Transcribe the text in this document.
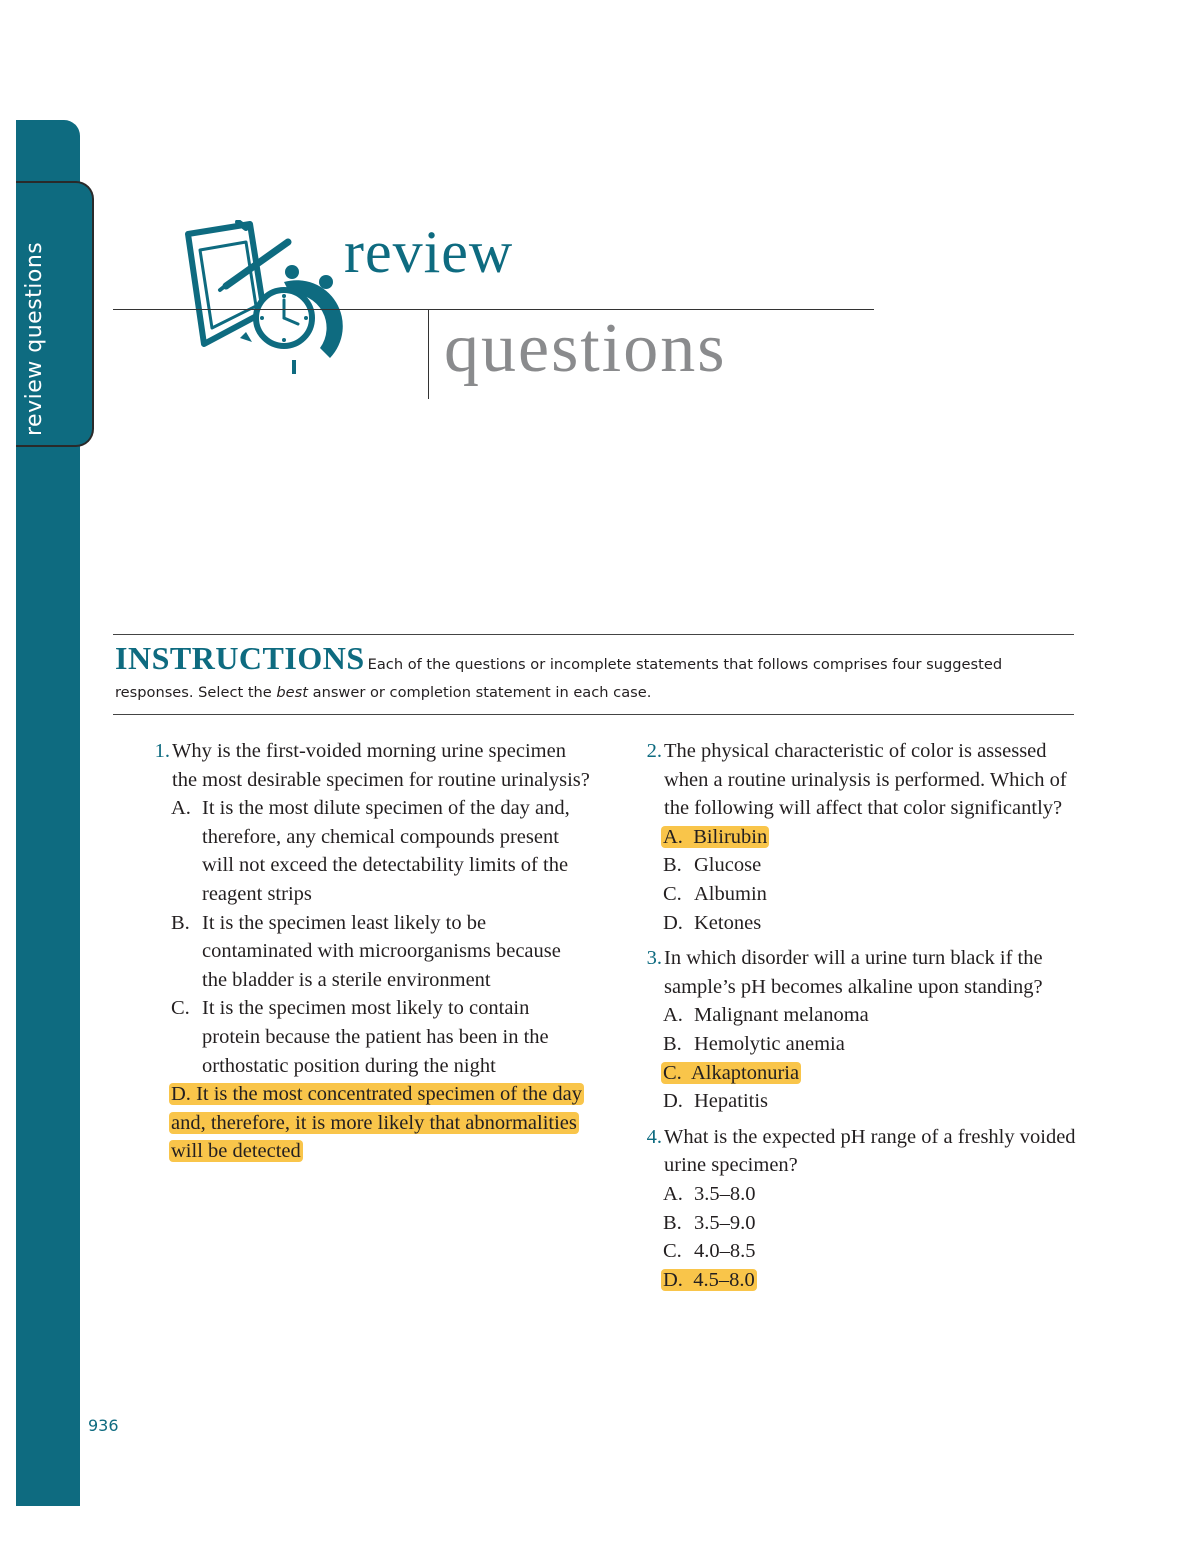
review questions
936
review
questions
INSTRUCTIONS Each of the questions or incomplete statements that follows comprises four suggested responses. Select the best answer or completion statement in each case.
1. Why is the first-voided morning urine specimen the most desirable specimen for routine urinalysis?
A. It is the most dilute specimen of the day and, therefore, any chemical compounds present will not exceed the detectability limits of the reagent strips
B. It is the specimen least likely to be contaminated with microorganisms because the bladder is a sterile environment
C. It is the specimen most likely to contain protein because the patient has been in the orthostatic position during the night
D. It is the most concentrated specimen of the day and, therefore, it is more likely that abnormalities will be detected
2. The physical characteristic of color is assessed when a routine urinalysis is performed. Which of the following will affect that color significantly?
A. Bilirubin
B. Glucose
C. Albumin
D. Ketones
3. In which disorder will a urine turn black if the sample’s pH becomes alkaline upon standing?
A. Malignant melanoma
B. Hemolytic anemia
C. Alkaptonuria
D. Hepatitis
4. What is the expected pH range of a freshly voided urine specimen?
A. 3.5–8.0
B. 3.5–9.0
C. 4.0–8.5
D. 4.5–8.0
